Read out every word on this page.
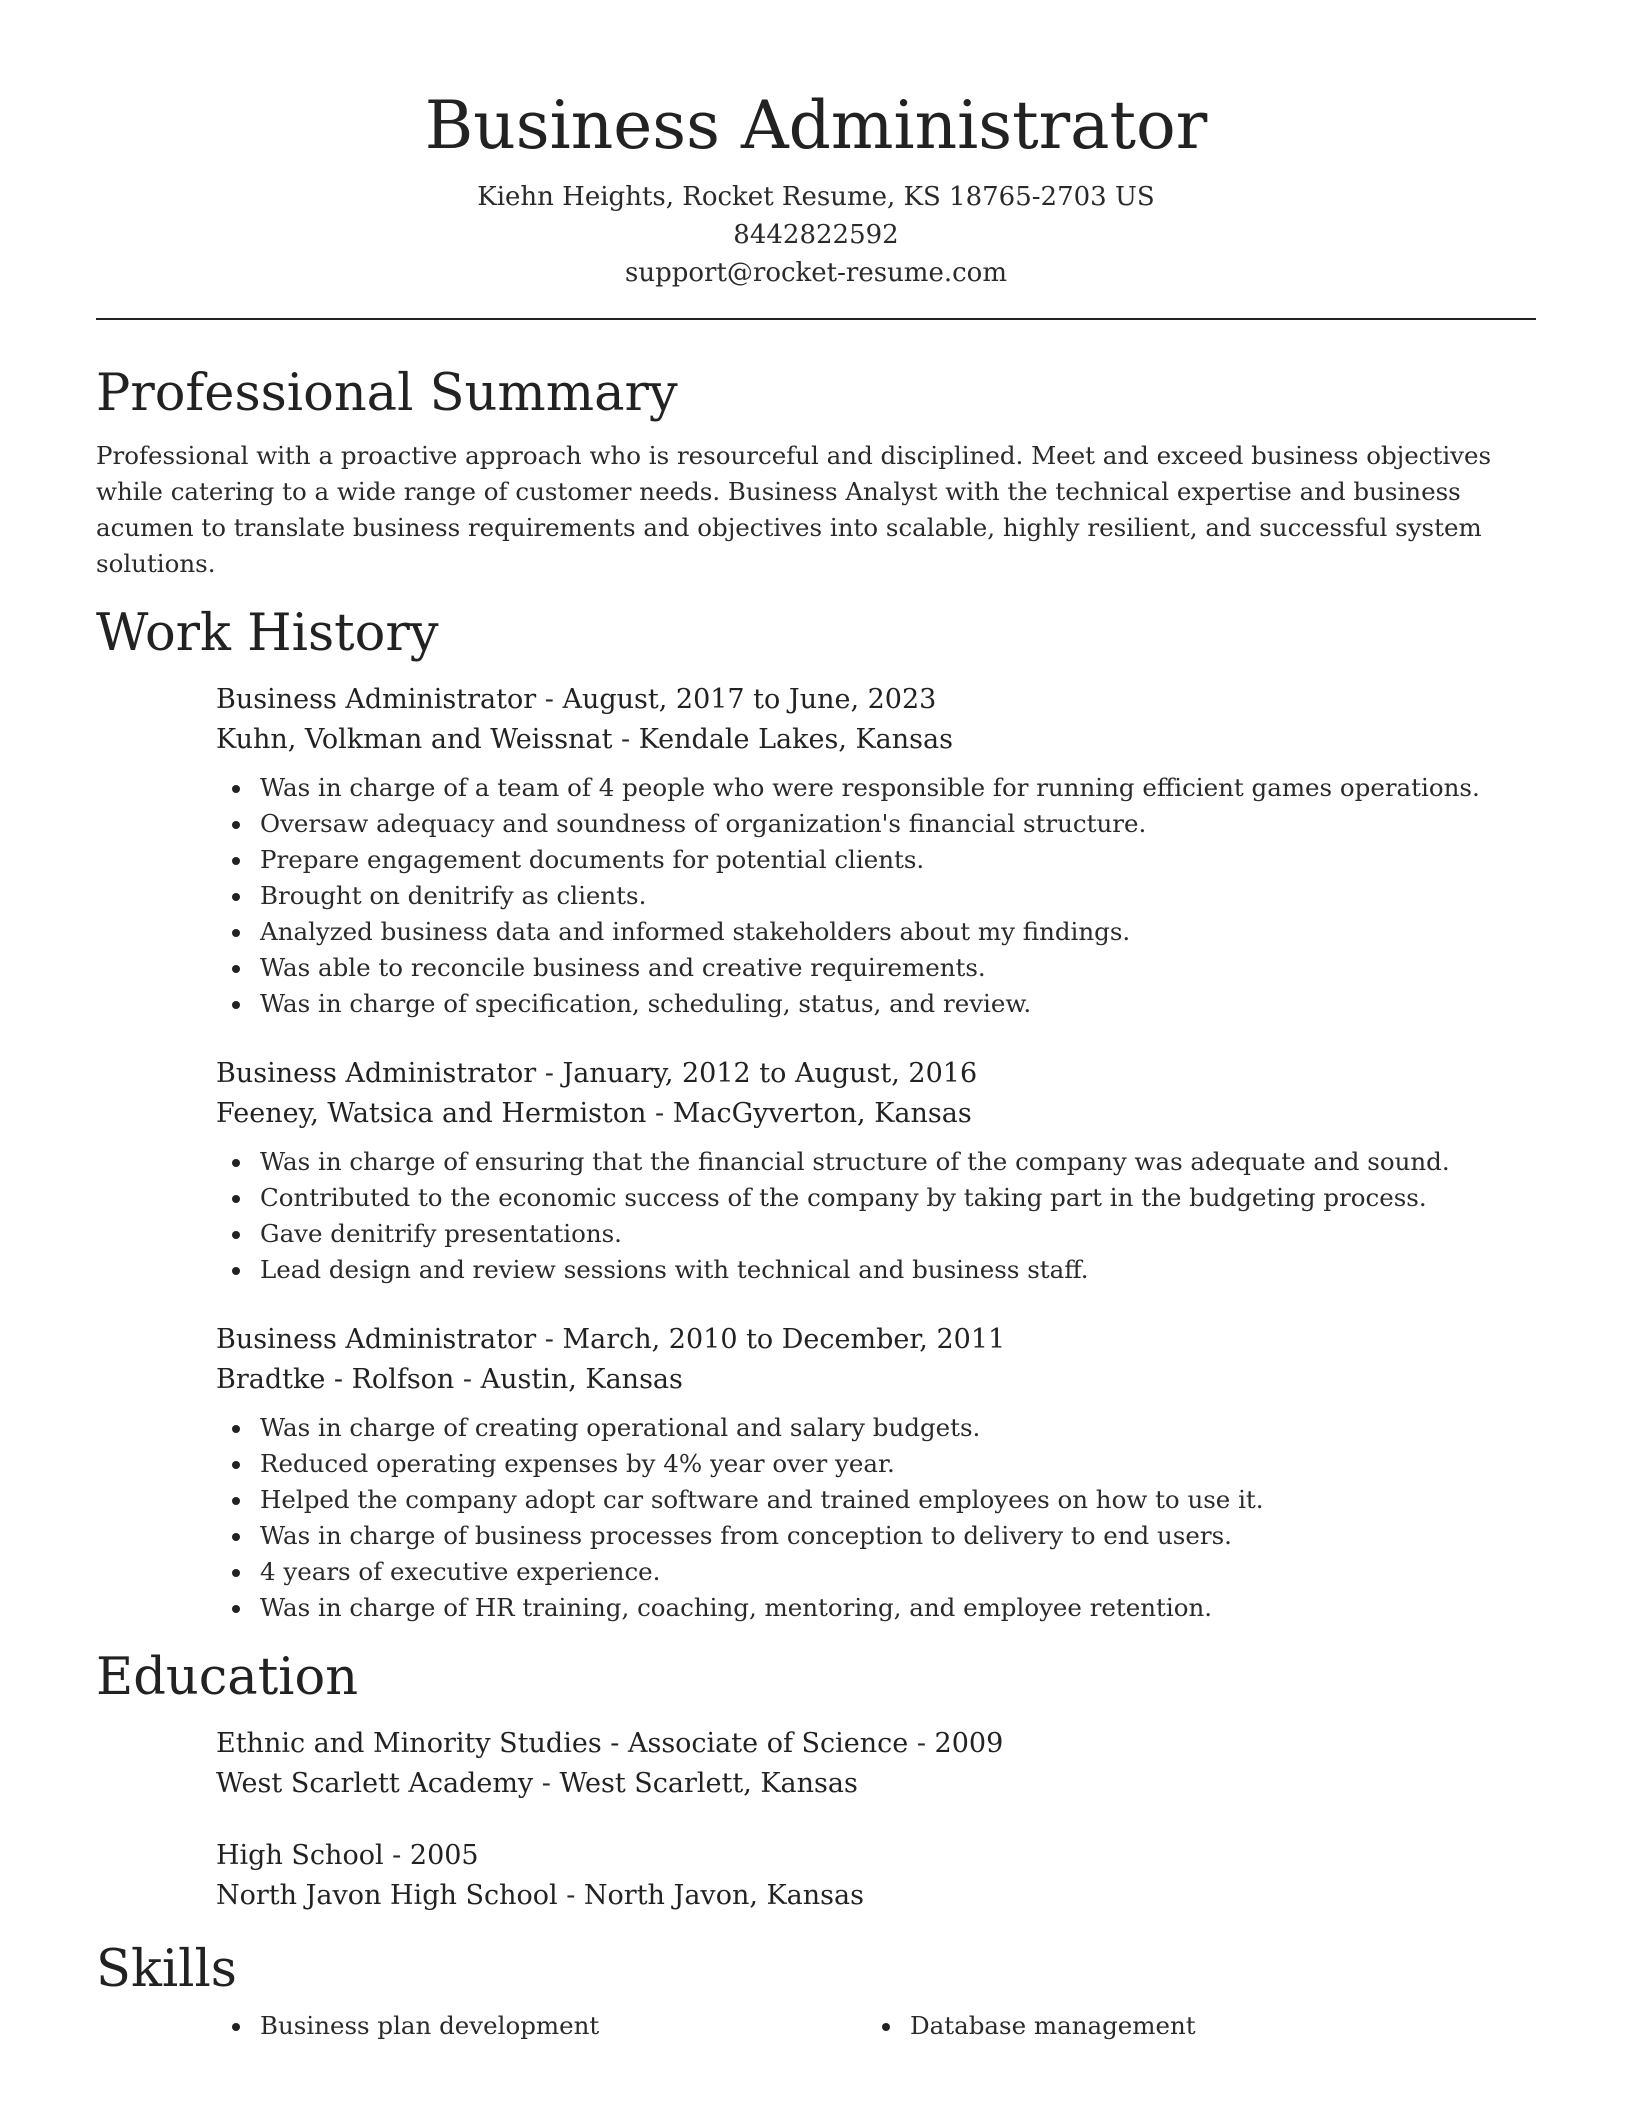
Business Administrator
Kiehn Heights, Rocket Resume, KS 18765-2703 US
8442822592
support@rocket-resume.com
Professional Summary

Professional with a proactive approach who is resourceful and disciplined. Meet and exceed business objectives while catering to a wide range of customer needs. Business Analyst with the technical expertise and business acumen to translate business requirements and objectives into scalable, highly resilient, and successful system solutions.

Work History
Business Administrator - August, 2017 to June, 2023
Kuhn, Volkman and Weissnat - Kendale Lakes, Kansas
Was in charge of a team of 4 people who were responsible for running efficient games operations.
Oversaw adequacy and soundness of organization's financial structure.
Prepare engagement documents for potential clients.
Brought on denitrify as clients.
Analyzed business data and informed stakeholders about my findings.
Was able to reconcile business and creative requirements.
Was in charge of specification, scheduling, status, and review.
Business Administrator - January, 2012 to August, 2016
Feeney, Watsica and Hermiston - MacGyverton, Kansas
Was in charge of ensuring that the financial structure of the company was adequate and sound.
Contributed to the economic success of the company by taking part in the budgeting process.
Gave denitrify presentations.
Lead design and review sessions with technical and business staff.
Business Administrator - March, 2010 to December, 2011
Bradtke - Rolfson - Austin, Kansas
Was in charge of creating operational and salary budgets.
Reduced operating expenses by 4% year over year.
Helped the company adopt car software and trained employees on how to use it.
Was in charge of business processes from conception to delivery to end users.
4 years of executive experience.
Was in charge of HR training, coaching, mentoring, and employee retention.
Education
Ethnic and Minority Studies - Associate of Science - 2009
West Scarlett Academy - West Scarlett, Kansas
High School - 2005
North Javon High School - North Javon, Kansas
Skills
Business plan development	Database management
